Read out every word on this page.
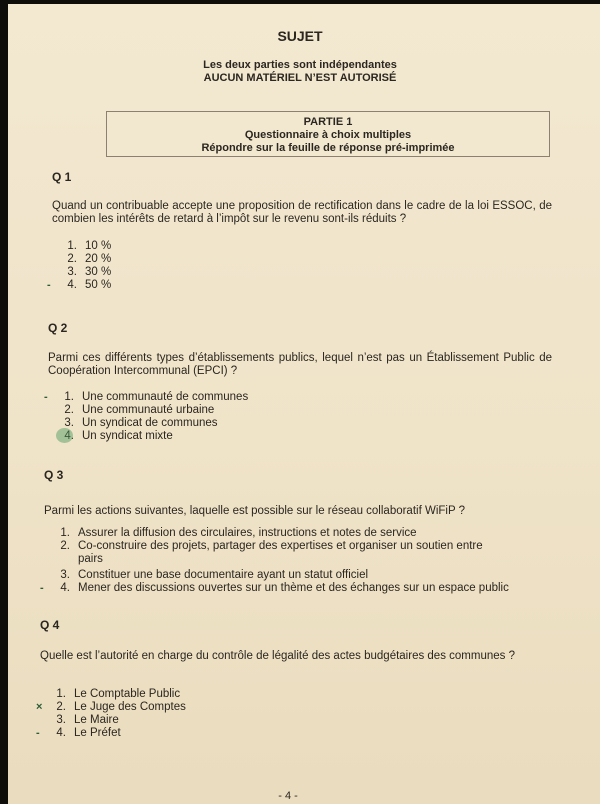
SUJET
Les deux parties sont indépendantes
AUCUN MATÉRIEL N’EST AUTORISÉ
PARTIE 1
Questionnaire à choix multiples
Répondre sur la feuille de réponse pré-imprimée
Q 1
Quand un contribuable accepte une proposition de rectification dans le cadre de la loi ESSOC, de combien les intérêts de retard à l’impôt sur le revenu sont-ils réduits ?
1. 10 %
2. 20 %
3. 30 %
- 4. 50 %
Q 2
Parmi ces différents types d’établissements publics, lequel n’est pas un Établissement Public de Coopération Intercommunal (EPCI) ?
- 1. Une communauté de communes
2. Une communauté urbaine
3. Un syndicat de communes
4. Un syndicat mixte
Q 3
Parmi les actions suivantes, laquelle est possible sur le réseau collaboratif WiFiP ?
1. Assurer la diffusion des circulaires, instructions et notes de service
2. Co-construire des projets, partager des expertises et organiser un soutien entre
pairs
3. Constituer une base documentaire ayant un statut officiel
- 4. Mener des discussions ouvertes sur un thème et des échanges sur un espace public
Q 4
Quelle est l’autorité en charge du contrôle de légalité des actes budgétaires des communes ?
1. Le Comptable Public
× 2. Le Juge des Comptes
3. Le Maire
- 4. Le Préfet
- 4 -
